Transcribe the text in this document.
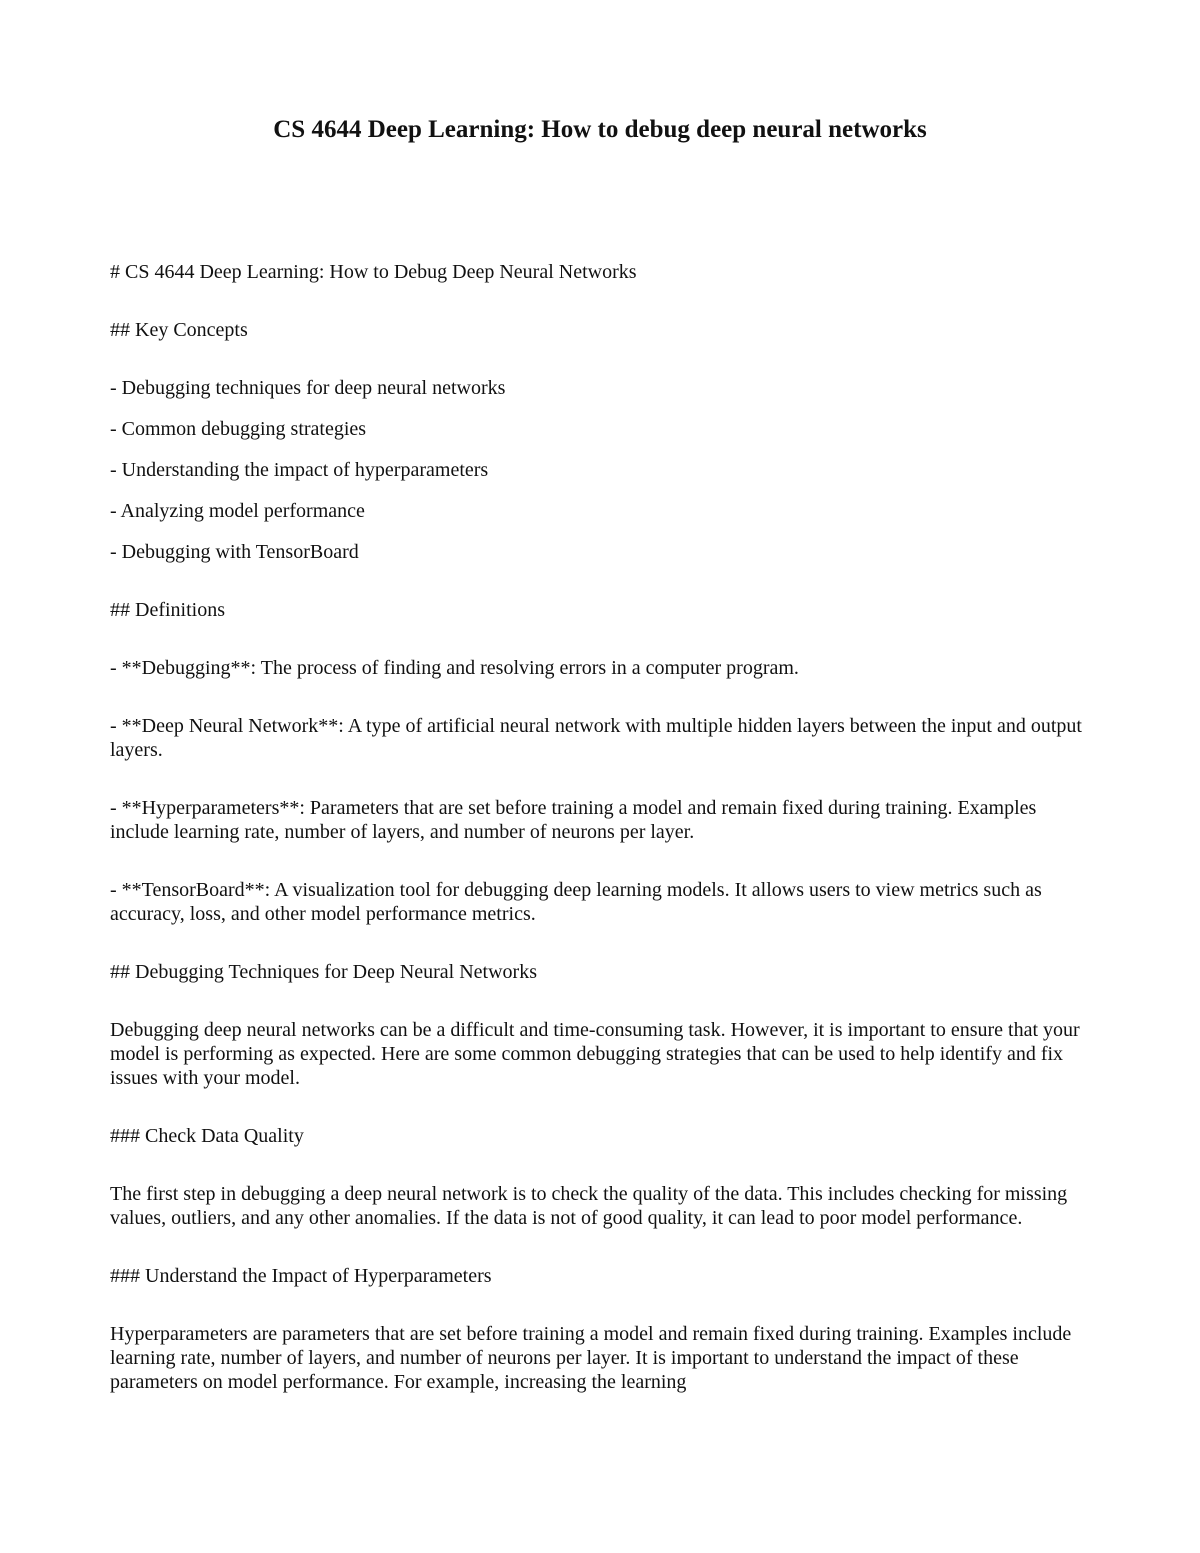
CS 4644 Deep Learning: How to debug deep neural networks

# CS 4644 Deep Learning: How to Debug Deep Neural Networks

## Key Concepts

- Debugging techniques for deep neural networks

- Common debugging strategies

- Understanding the impact of hyperparameters

- Analyzing model performance

- Debugging with TensorBoard

## Definitions

- **Debugging**: The process of finding and resolving errors in a computer program.

- **Deep Neural Network**: A type of artificial neural network with multiple hidden layers between the input and output layers.

- **Hyperparameters**: Parameters that are set before training a model and remain fixed during training. Examples include learning rate, number of layers, and number of neurons per layer.

- **TensorBoard**: A visualization tool for debugging deep learning models. It allows users to view metrics such as accuracy, loss, and other model performance metrics.

## Debugging Techniques for Deep Neural Networks

Debugging deep neural networks can be a difficult and time-consuming task. However, it is important to ensure that your model is performing as expected. Here are some common debugging strategies that can be used to help identify and fix issues with your model.

### Check Data Quality

The first step in debugging a deep neural network is to check the quality of the data. This includes checking for missing values, outliers, and any other anomalies. If the data is not of good quality, it can lead to poor model performance.

### Understand the Impact of Hyperparameters

Hyperparameters are parameters that are set before training a model and remain fixed during training. Examples include learning rate, number of layers, and number of neurons per layer. It is important to understand the impact of these parameters on model performance. For example, increasing the learning
